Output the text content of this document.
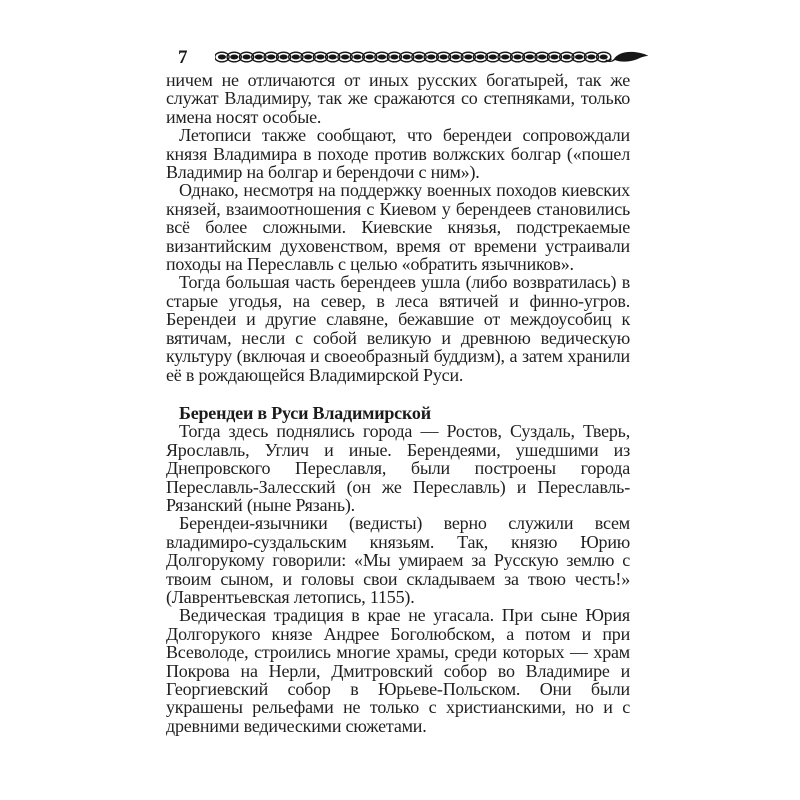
7

ничем не отличаются от иных русских богатырей, так же служат Владимиру, так же сражаются со степняками, только имена носят особые.

Летописи также сообщают, что берендеи сопровождали князя Владимира в походе против волжских болгар («пошел Владимир на болгар и берендочи с ним»).

Однако, несмотря на поддержку военных походов киевских князей, взаимоотношения с Киевом у берендеев становились всё более сложными. Киевские князья, подстрекаемые византийским духовенством, время от времени устраивали походы на Переславль с целью «обратить язычников».

Тогда большая часть берендеев ушла (либо возвратилась) в старые угодья, на север, в леса вятичей и финно-угров. Берендеи и другие славяне, бежавшие от междоусобиц к вятичам, несли с собой великую и древнюю ведическую культуру (включая и своеобразный буддизм), а затем хранили её в рождающейся Владимирской Руси.

Берендеи в Руси Владимирской

Тогда здесь поднялись города — Ростов, Суздаль, Тверь, Ярославль, Углич и иные. Берендеями, ушедшими из Днепровского Переславля, были построены города Переславль-Залесский (он же Переславль) и Переславль-Рязанский (ныне Рязань).

Берендеи-язычники (ведисты) верно служили всем владимиро-суздальским князьям. Так, князю Юрию Долгорукому говорили: «Мы умираем за Русскую землю с твоим сыном, и головы свои складываем за твою честь!» (Лаврентьевская летопись, 1155).

Ведическая традиция в крае не угасала. При сыне Юрия Долгорукого князе Андрее Боголюбском, а потом и при Всеволоде, строились многие храмы, среди которых — храм Покрова на Нерли, Дмитровский собор во Владимире и Георгиевский собор в Юрьеве-Польском. Они были украшены рельефами не только с христианскими, но и с древними ведическими сюжетами.
